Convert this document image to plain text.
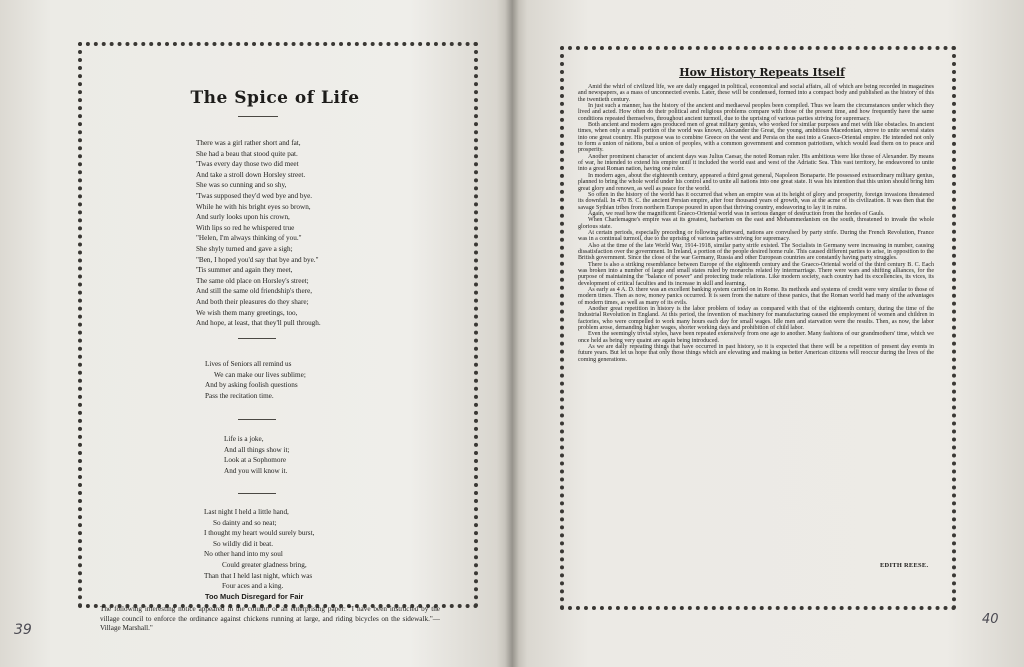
The Spice of Life
There was a girl rather short and fat,
She had a beau that stood quite pat.
'Twas every day those two did meet
And take a stroll down Horsley street.
She was so cunning and so shy,
'Twas supposed they'd wed bye and bye.
While he with his bright eyes so brown,
And surly looks upon his crown,
With lips so red he whispered true
"Helen, I'm always thinking of you."
She shyly turned and gave a sigh;
"Ben, I hoped you'd say that bye and bye."
'Tis summer and again they meet,
The same old place on Horsley's street;
And still the same old friendship's there,
And both their pleasures do they share;
We wish them many greetings, too,
And hope, at least, that they'll pull through.
Lives of Seniors all remind us
We can make our lives sublime;
And by asking foolish questions
Pass the recitation time.
Life is a joke,
And all things show it;
Look at a Sophomore
And you will know it.
Last night I held a little hand,
So dainty and so neat;
I thought my heart would surely burst,
So wildly did it beat.
No other hand into my soul
Could greater gladness bring,
Than that I held last night, which was
Four aces and a king.
Too Much Disregard for Fair
The following interesting notice appeared in the column of an enterprising paper: "I have been instructed by the village council to enforce the ordinance against chickens running at large, and riding bicycles on the sidewalk."—Village Marshall."
39
How History Repeats Itself

Amid the whirl of civilized life, we are daily engaged in political, economical and social affairs, all of which are being recorded in magazines and newspapers, as a mass of unconnected events. Later, these will be condensed, formed into a compact body and published as the history of this the twentieth century.

In just such a manner, has the history of the ancient and mediaeval peoples been compiled. Thus we learn the circumstances under which they lived and acted. How often do their political and religious problems compare with those of the present time, and how frequently have the same conditions repeated themselves, throughout ancient turmoil, due to the uprising of various parties striving for supremacy.

Both ancient and modern ages produced men of great military genius, who worked for similar purposes and met with like obstacles. In ancient times, when only a small portion of the world was known, Alexander the Great, the young, ambitious Macedonian, strove to unite several states into one great country. His purpose was to combine Greece on the west and Persia on the east into a Graeco-Oriental empire. He intended not only to form a union of nations, but a union of peoples, with a common government and common patriotism, which would lead them on to peace and prosperity.

Another prominent character of ancient days was Julius Caesar, the noted Roman ruler. His ambitious were like those of Alexander. By means of war, he intended to extend his empire until it included the world east and west of the Adriatic Sea. This vast territory, he endeavored to unite into a great Roman nation, having one ruler.

In modern ages, about the eighteenth century, appeared a third great general, Napoleon Bonaparte. He possessed extraordinary military genius, planned to bring the whole world under his control and to unite all nations into one great state. It was his intention that this union should bring him great glory and renown, as well as peace for the world.

So often in the history of the world has it occurred that when an empire was at its height of glory and prosperity, foreign invasions threatened its downfall. In 470 B. C. the ancient Persian empire, after four thousand years of growth, was at the acme of its civilization. It was then that the savage Sythian tribes from northern Europe poured in upon that thriving country, endeavoring to lay it in ruins.

Again, we read how the magnificent Graeco-Oriental world was in serious danger of destruction from the hordes of Gauls.

When Charlemagne's empire was at its greatest, barbarism on the east and Mohammedanism on the south, threatened to invade the whole glorious state.

At certain periods, especially preceding or following afterward, nations are convulsed by party strife. During the French Revolution, France was in a continual turmoil, due to the uprising of various parties striving for supremacy.

Also at the time of the late World War, 1914-1918, similar party strife existed. The Socialists in Germany were increasing in number, causing dissatisfaction over the government. In Ireland, a portion of the people desired home rule. This caused different parties to arise, in opposition to the British government. Since the close of the war Germany, Russia and other European countries are constantly having party struggles.

There is also a striking resemblance between Europe of the eighteenth century and the Graeco-Oriental world of the third century B. C. Each was broken into a number of large and small states ruled by monarchs related by intermarriage. There were wars and shifting alliances, for the purpose of maintaining the "balance of power" and protecting trade relations. Like modern society, each country had its excellencies, its vices, its development of critical faculties and its increase in skill and learning.

As early as 4 A. D. there was an excellent banking system carried on in Rome. Its methods and systems of credit were very similar to those of modern times. Then as now, money panics occurred. It is seen from the nature of these panics, that the Roman world had many of the advantages of modern times, as well as many of its evils.

Another great repetition in history is the labor problem of today as compared with that of the eighteenth century, during the time of the Industrial Revolution in England. At this period, the invention of machinery for manufacturing caused the employment of women and children in factories, who were compelled to work many hours each day for small wages. Idle men and starvation were the results. Then, as now, the labor problem arose, demanding higher wages, shorter working days and prohibition of child labor.

Even the seemingly trivial styles, have been repeated extensively from one age to another. Many fashions of our grandmothers' time, which we once held as being very quaint are again being introduced.

As we are daily repeating things that have occurred in past history, so it is expected that there will be a repetition of present day events in future years. But let us hope that only those things which are elevating and making us better American citizens will reoccur during the lives of the coming generations.

EDITH REESE.
40
